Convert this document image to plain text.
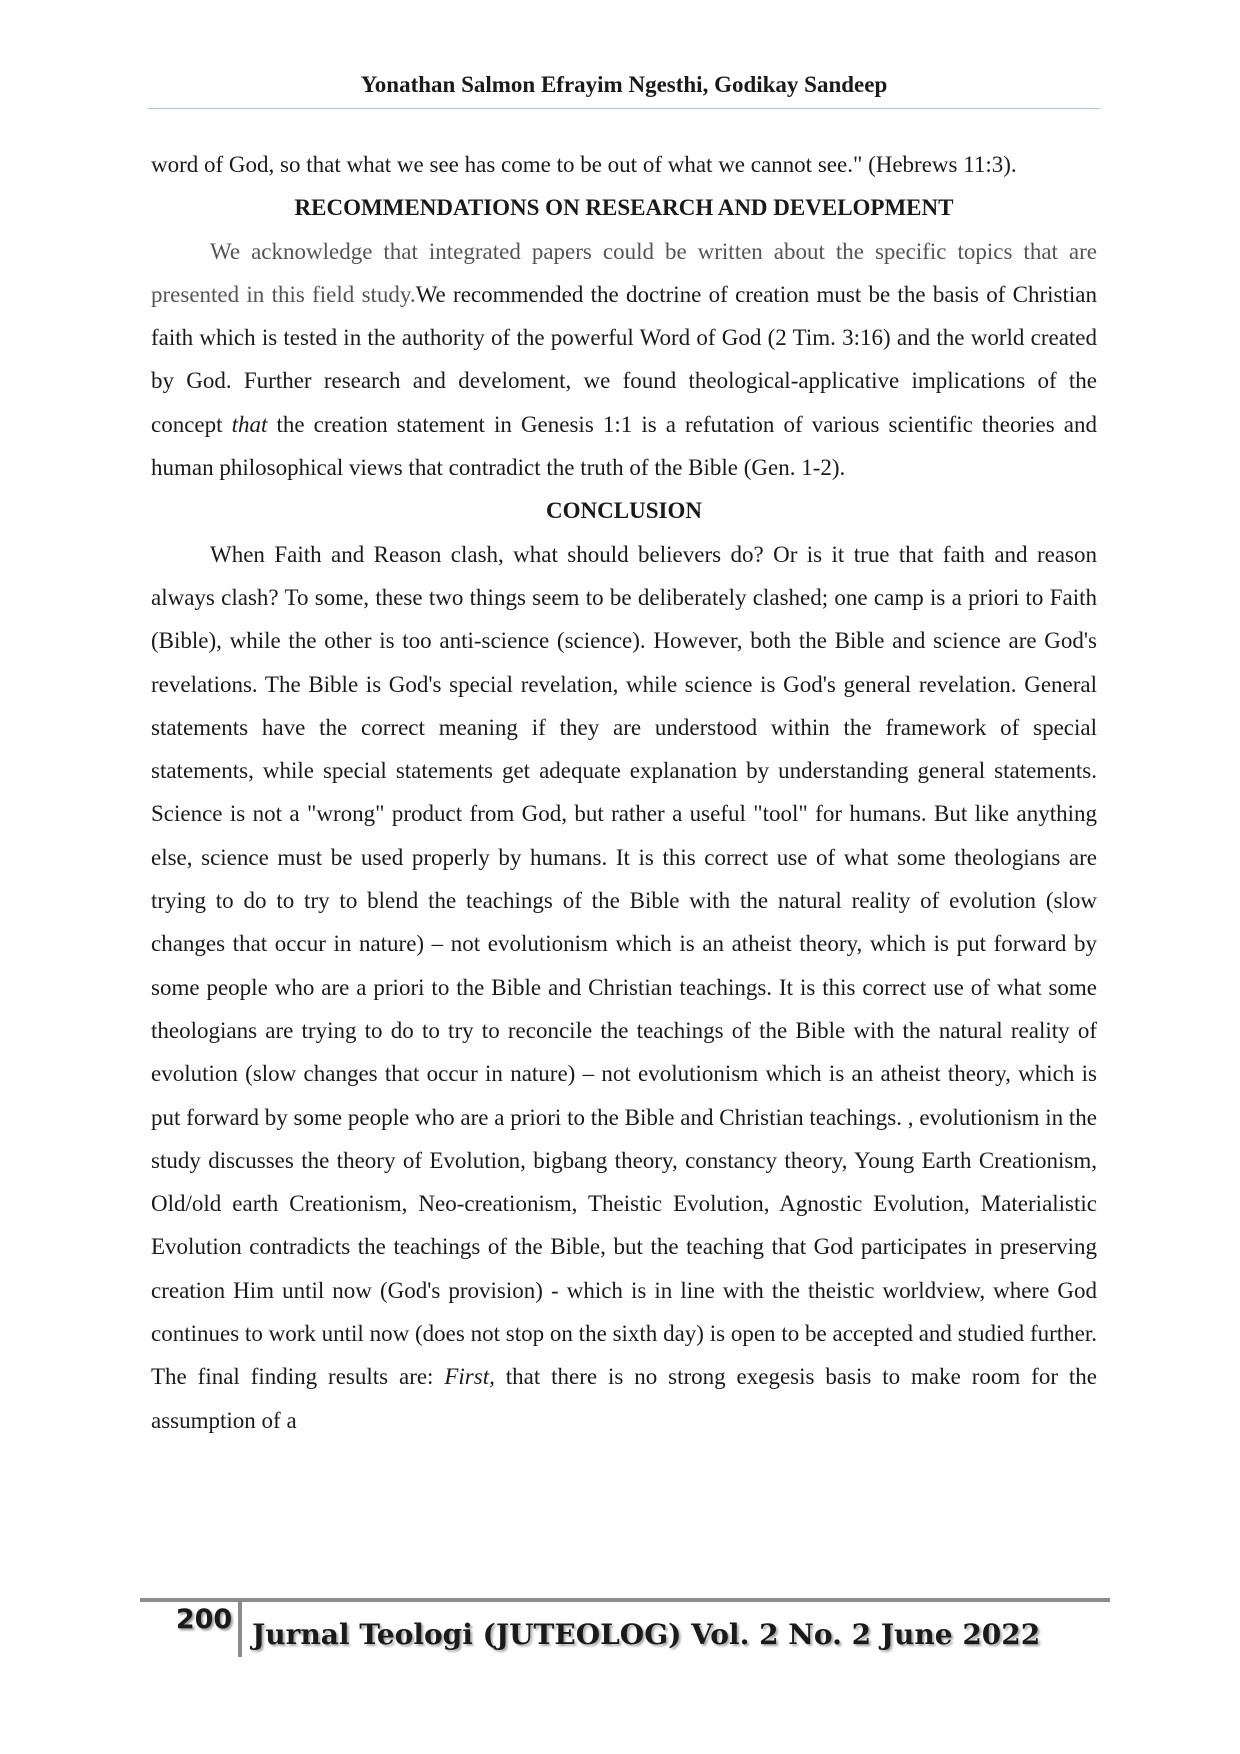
Yonathan Salmon Efrayim Ngesthi, Godikay Sandeep

word of God, so that what we see has come to be out of what we cannot see." (Hebrews 11:3).

RECOMMENDATIONS ON RESEARCH AND DEVELOPMENT

We acknowledge that integrated papers could be written about the specific topics that are presented in this field study.We recommended the doctrine of creation must be the basis of Christian faith which is tested in the authority of the powerful Word of God (2 Tim. 3:16) and the world created by God. Further research and develoment, we found theological-applicative implications of the concept that the creation statement in Genesis 1:1 is a refutation of various scientific theories and human philosophical views that contradict the truth of the Bible (Gen. 1-2).

CONCLUSION

When Faith and Reason clash, what should believers do? Or is it true that faith and reason always clash? To some, these two things seem to be deliberately clashed; one camp is a priori to Faith (Bible), while the other is too anti-science (science). However, both the Bible and science are God's revelations. The Bible is God's special revelation, while science is God's general revelation. General statements have the correct meaning if they are understood within the framework of special statements, while special statements get adequate explanation by understanding general statements. Science is not a "wrong" product from God, but rather a useful "tool" for humans. But like anything else, science must be used properly by humans. It is this correct use of what some theologians are trying to do to try to blend the teachings of the Bible with the natural reality of evolution (slow changes that occur in nature) – not evolutionism which is an atheist theory, which is put forward by some people who are a priori to the Bible and Christian teachings. It is this correct use of what some theologians are trying to do to try to reconcile the teachings of the Bible with the natural reality of evolution (slow changes that occur in nature) – not evolutionism which is an atheist theory, which is put forward by some people who are a priori to the Bible and Christian teachings. , evolutionism in the study discusses the theory of Evolution, bigbang theory, constancy theory, Young Earth Creationism, Old/old earth Creationism, Neo-creationism, Theistic Evolution, Agnostic Evolution, Materialistic Evolution contradicts the teachings of the Bible, but the teaching that God participates in preserving creation Him until now (God's provision) - which is in line with the theistic worldview, where God continues to work until now (does not stop on the sixth day) is open to be accepted and studied further. The final finding results are: First, that there is no strong exegesis basis to make room for the assumption of a

200 Jurnal Teologi (JUTEOLOG) Vol. 2 No. 2 June 2022
